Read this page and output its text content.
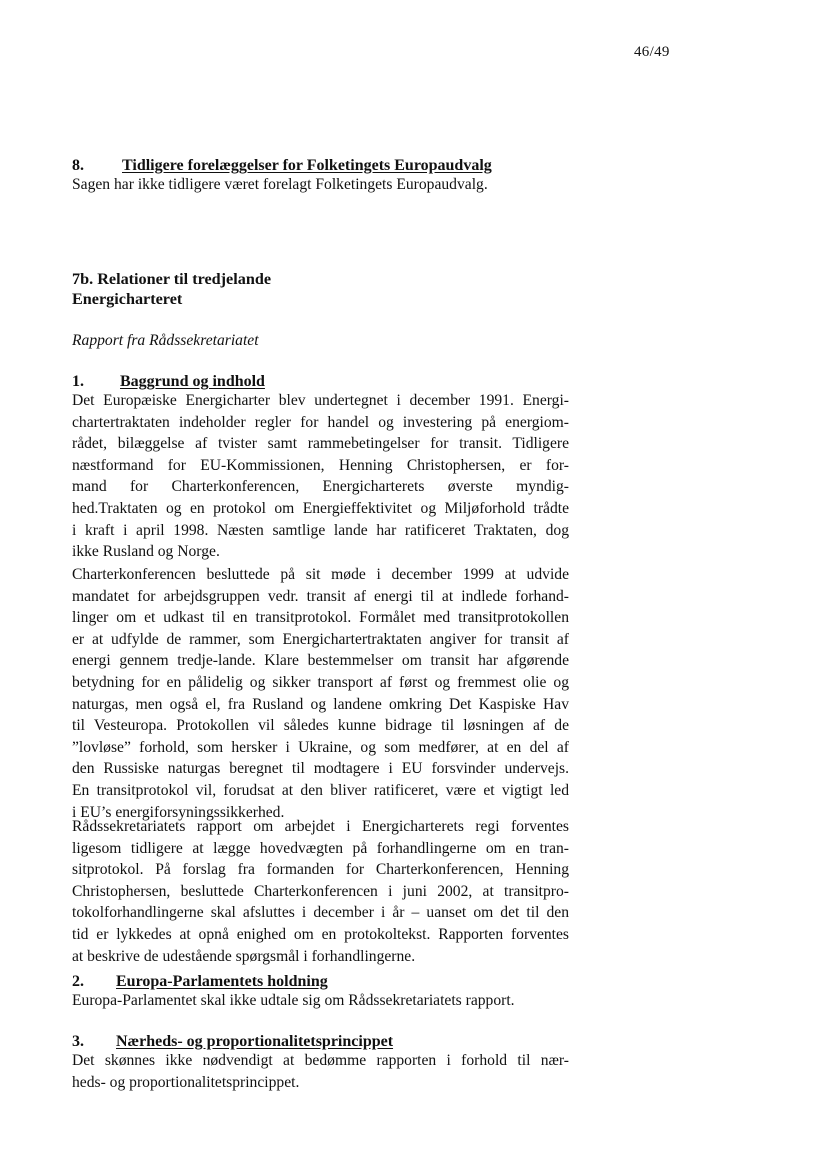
46/49
8. Tidligere forelæggelser for Folketingets Europaudvalg
Sagen har ikke tidligere været forelagt Folketingets Europaudvalg.
7b. Relationer til tredjelande
Energicharteret
Rapport fra Rådssekretariatet
1. Baggrund og indhold
Det Europæiske Energicharter blev undertegnet i december 1991. Energi-
chartertraktaten indeholder regler for handel og investering på energiom-
rådet, bilæggelse af tvister samt rammebetingelser for transit. Tidligere
næstformand for EU-Kommissionen, Henning Christophersen, er for-
mand for Charterkonferencen, Energicharterets øverste myndig-
hed.Traktaten og en protokol om Energieffektivitet og Miljøforhold trådte
i kraft i april 1998. Næsten samtlige lande har ratificeret Traktaten, dog
ikke Rusland og Norge.
Charterkonferencen besluttede på sit møde i december 1999 at udvide
mandatet for arbejdsgruppen vedr. transit af energi til at indlede forhand-
linger om et udkast til en transitprotokol. Formålet med transitprotokollen
er at udfylde de rammer, som Energichartertraktaten angiver for transit af
energi gennem tredje-lande. Klare bestemmelser om transit har afgørende
betydning for en pålidelig og sikker transport af først og fremmest olie og
naturgas, men også el, fra Rusland og landene omkring Det Kaspiske Hav
til Vesteuropa. Protokollen vil således kunne bidrage til løsningen af de
”lovløse” forhold, som hersker i Ukraine, og som medfører, at en del af
den Russiske naturgas beregnet til modtagere i EU forsvinder undervejs.
En transitprotokol vil, forudsat at den bliver ratificeret, være et vigtigt led
i EU’s energiforsyningssikkerhed.
Rådssekretariatets rapport om arbejdet i Energicharterets regi forventes
ligesom tidligere at lægge hovedvægten på forhandlingerne om en tran-
sitprotokol. På forslag fra formanden for Charterkonferencen, Henning
Christophersen, besluttede Charterkonferencen i juni 2002, at transitpro-
tokolforhandlingerne skal afsluttes i december i år – uanset om det til den
tid er lykkedes at opnå enighed om en protokoltekst. Rapporten forventes
at beskrive de udestående spørgsmål i forhandlingerne.
2. Europa-Parlamentets holdning
Europa-Parlamentet skal ikke udtale sig om Rådssekretariatets rapport.
3. Nærheds- og proportionalitetsprincippet
Det skønnes ikke nødvendigt at bedømme rapporten i forhold til nær-
heds- og proportionalitetsprincippet.
